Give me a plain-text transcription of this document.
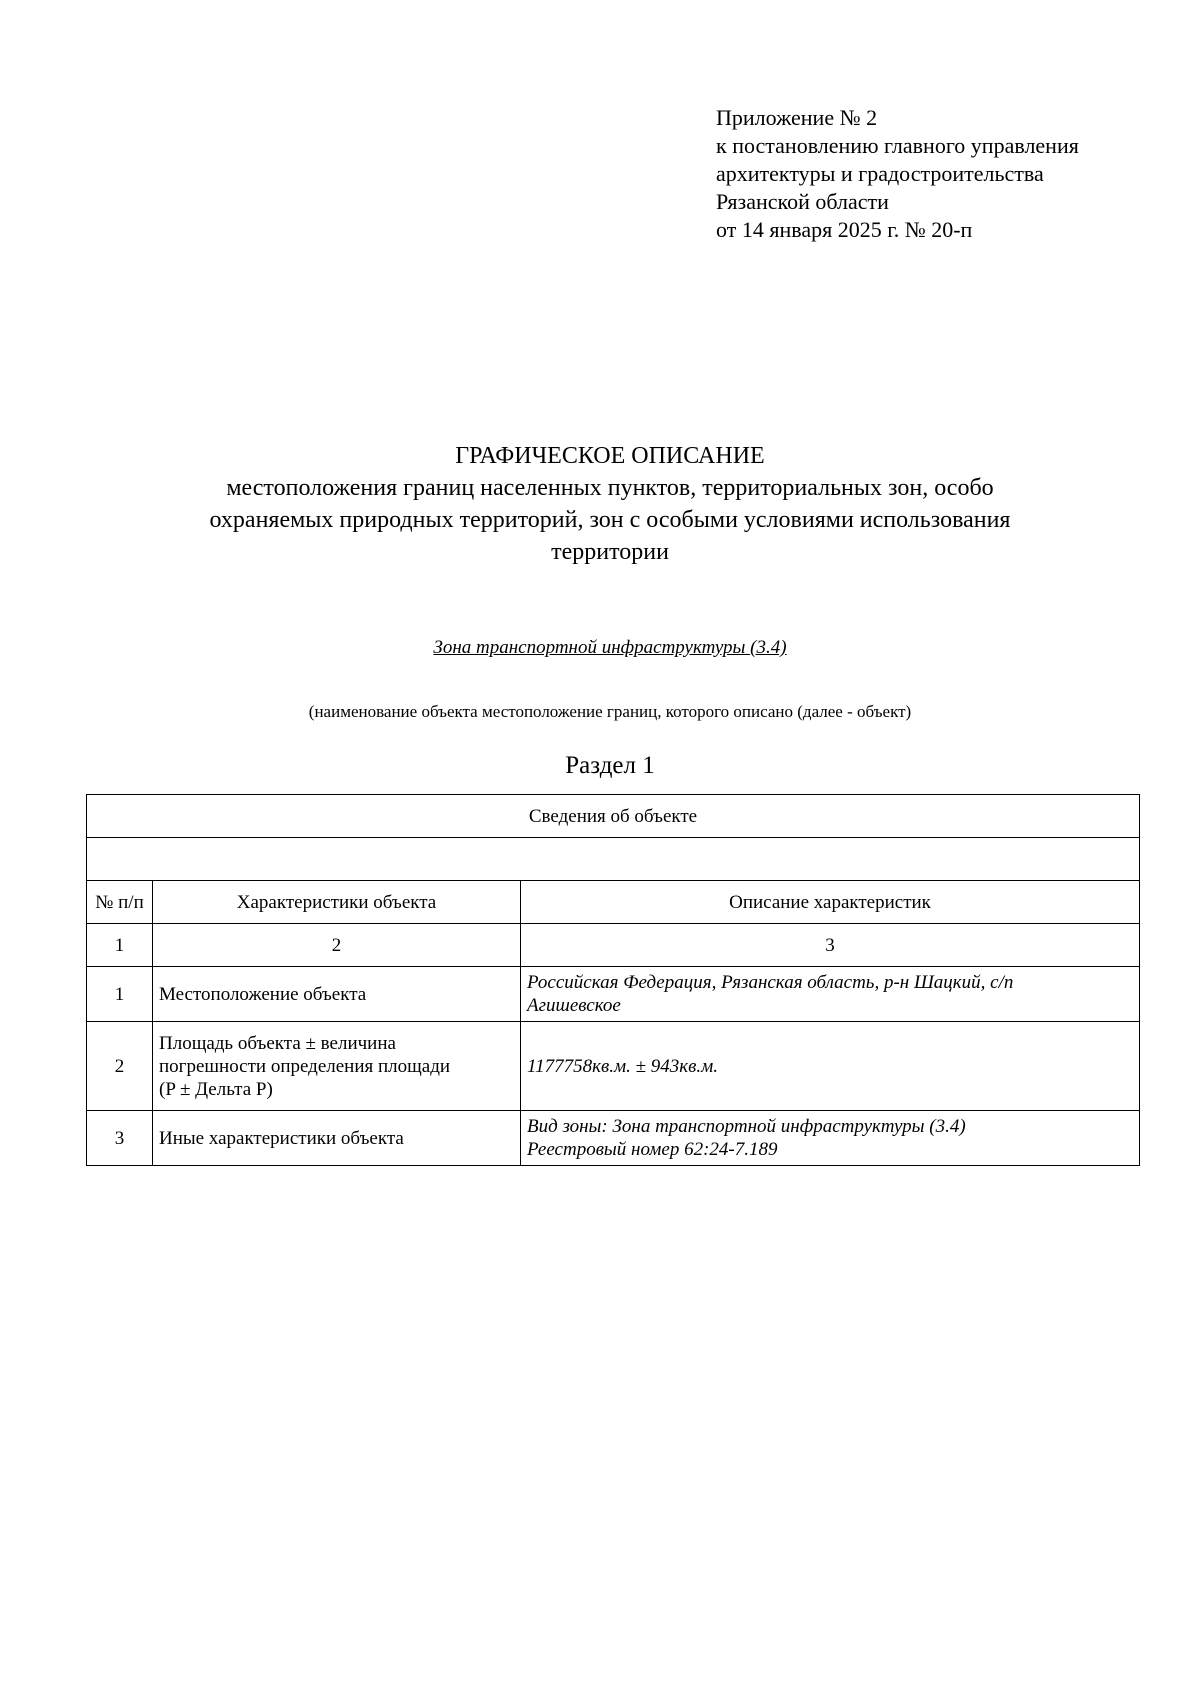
Приложение № 2
к постановлению главного управления
архитектуры и градостроительства
Рязанской области
от 14 января 2025 г. № 20-п
ГРАФИЧЕСКОЕ ОПИСАНИЕ
местоположения границ населенных пунктов, территориальных зон, особо
охраняемых природных территорий, зон с особыми условиями использования
территории
Зона транспортной инфраструктуры (3.4)
(наименование объекта местоположение границ, которого описано (далее - объект)
Раздел 1
Сведения об объекте		

№ п/п	Характеристики объекта	Описание характеристик
1	2	3
1	Местоположение объекта	Российская Федерация, Рязанская область, р-н Шацкий, с/п
Агишевское

2	Площадь объекта ± величина
погрешности определения площади
(P ± Дельта P)	1177758кв.м. ± 943кв.м.

3	Иные характеристики объекта	Вид зоны: Зона транспортной инфраструктуры (3.4)
Реестровый номер 62:24-7.189
